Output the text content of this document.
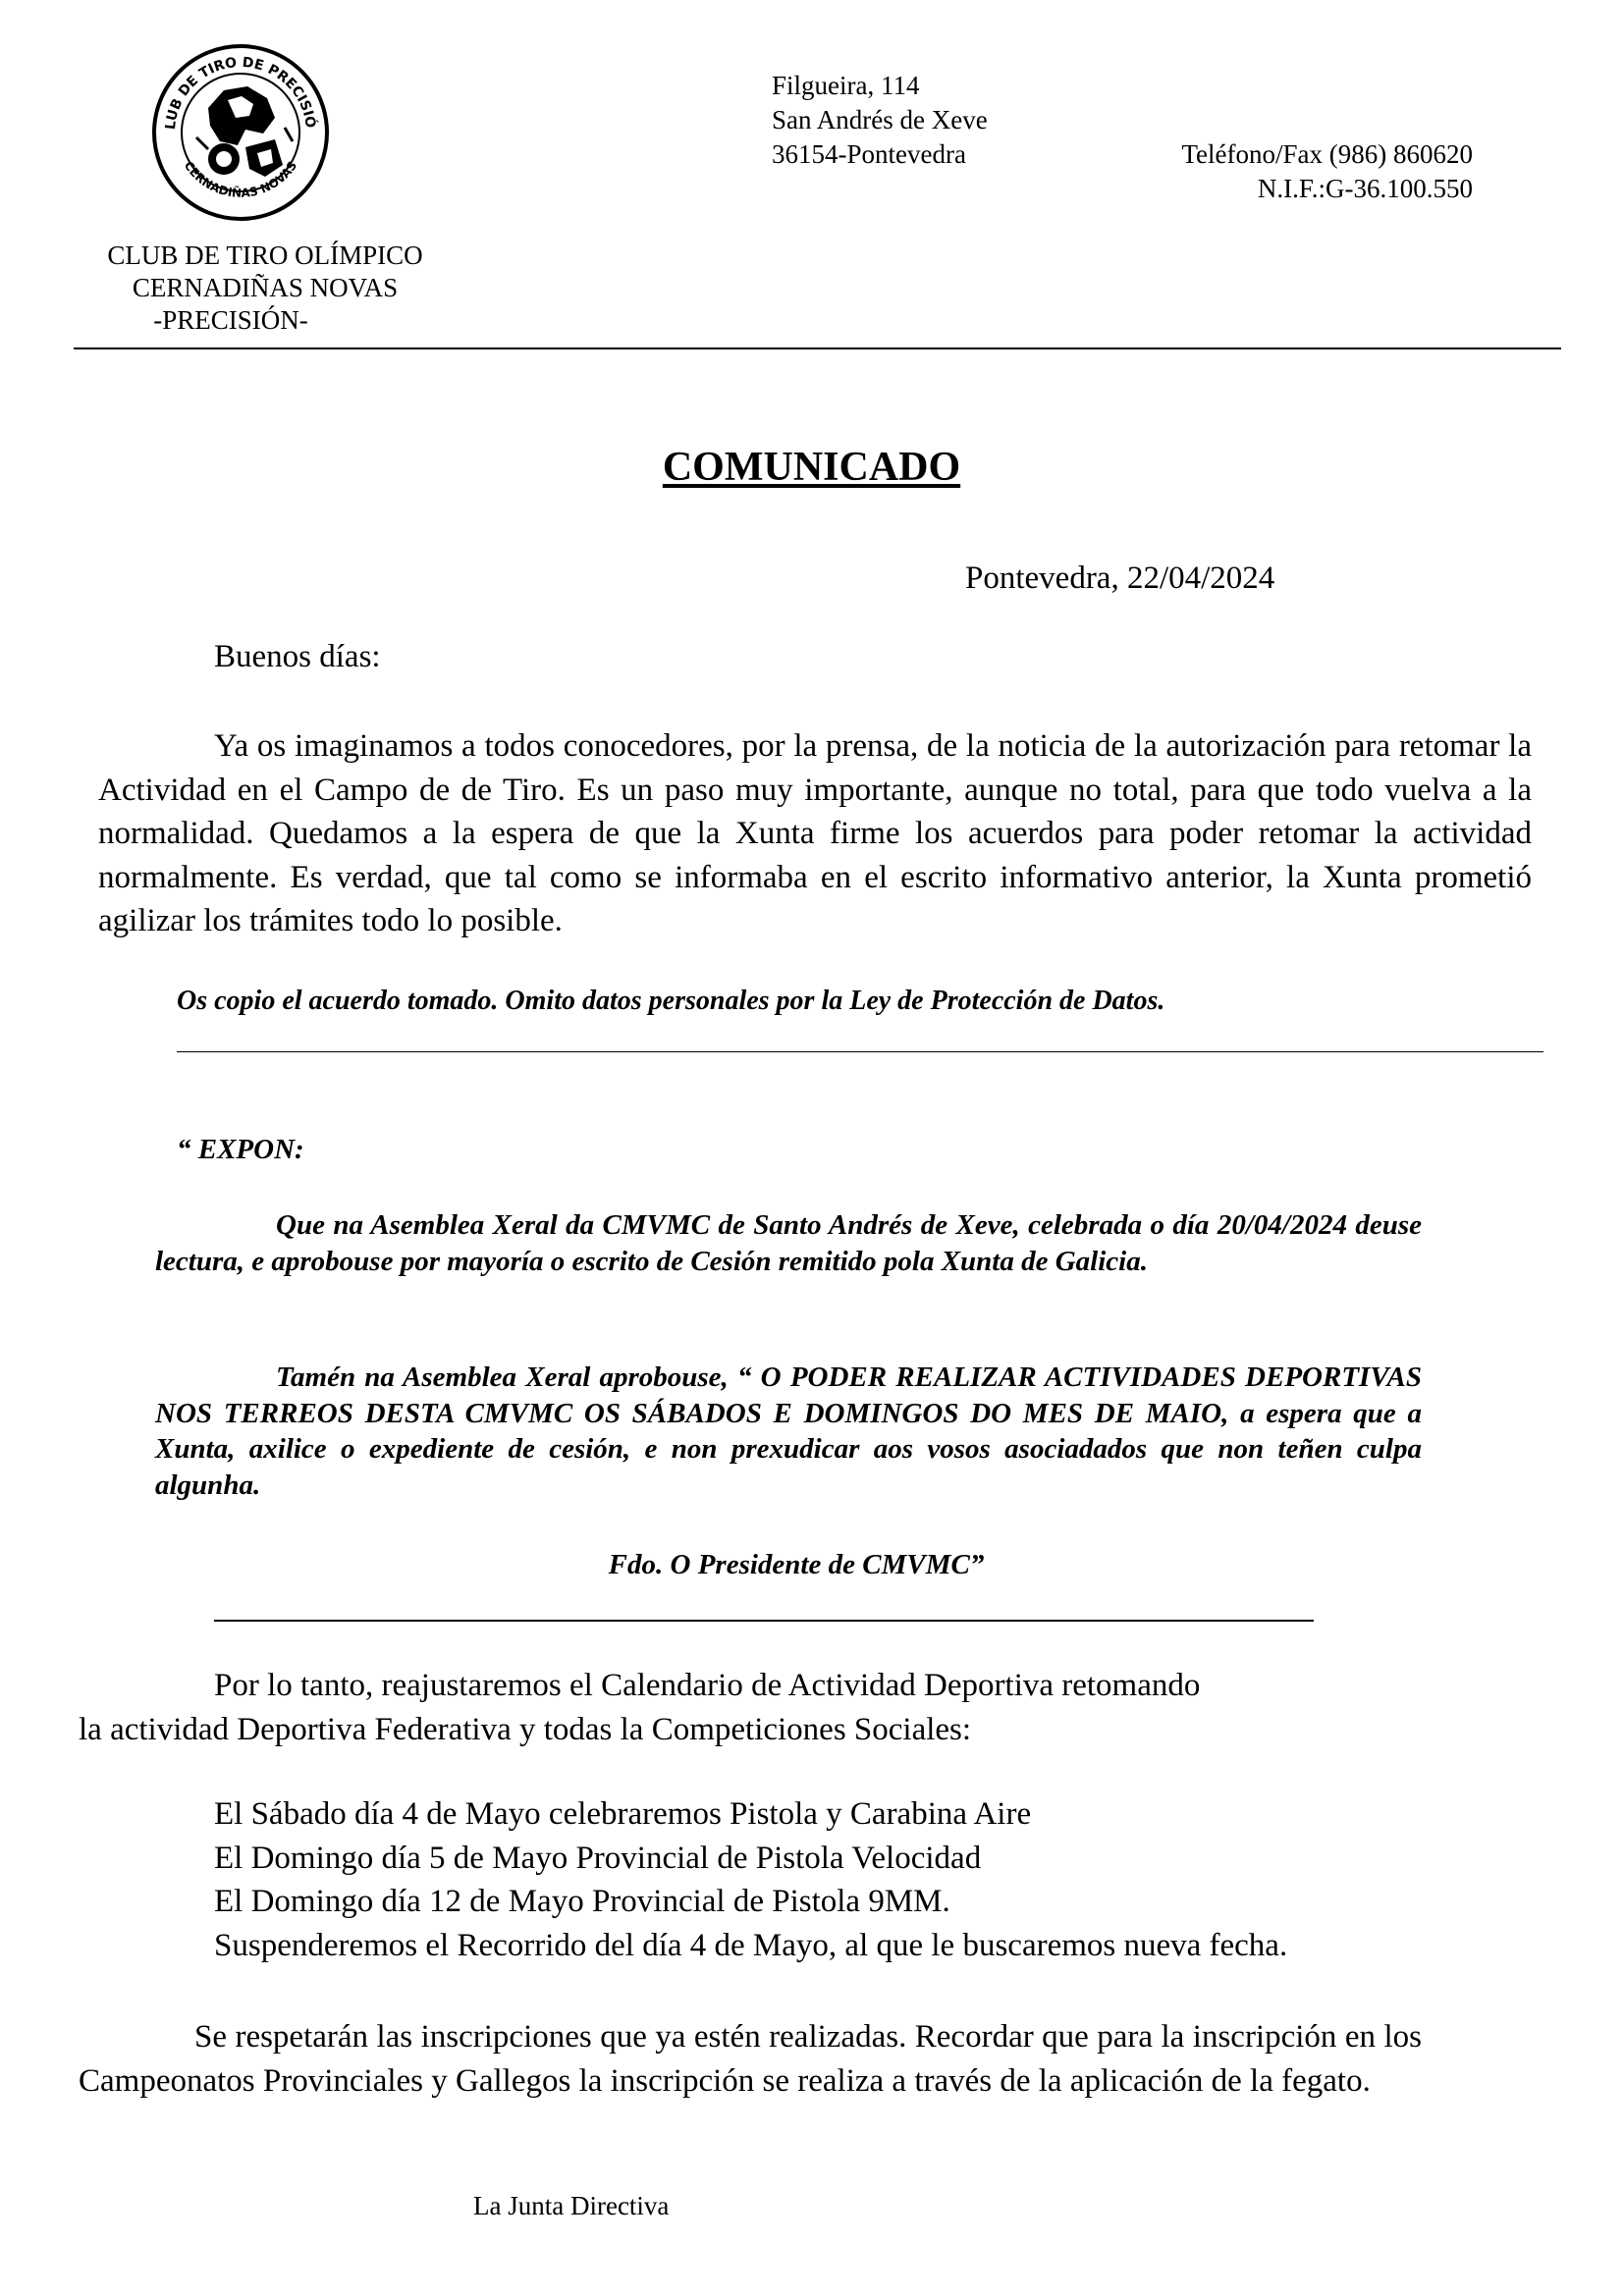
LUB DE TIRO DE PRECISIÓ
CERNADIÑAS NOVAS
Filgueira, 114
San Andrés de Xeve
36154-Pontevedra	Teléfono/Fax (986) 860620
N.I.F.:G-36.100.550
CLUB DE TIRO OLÍMPICO
CERNADIÑAS NOVAS
-PRECISIÓN-
COMUNICADO
Pontevedra, 22/04/2024
Buenos días:
Ya os imaginamos a todos conocedores, por la prensa, de la noticia de la autorización para retomar la Actividad en el Campo de de Tiro. Es un paso muy importante, aunque no total, para que todo vuelva a la normalidad. Quedamos a la espera de que la Xunta firme los acuerdos para poder retomar la actividad normalmente. Es verdad, que tal como se informaba en el escrito informativo anterior, la Xunta prometió agilizar los trámites todo lo posible.
Os copio el acuerdo tomado. Omito datos personales por la Ley de Protección de Datos.
“ EXPON:
Que na Asemblea Xeral da CMVMC de Santo Andrés de Xeve, celebrada o día 20/04/2024 deuse lectura, e aprobouse por mayoría o escrito de Cesión remitido pola Xunta de Galicia.
Tamén na Asemblea Xeral aprobouse, “ O PODER REALIZAR ACTIVIDADES DEPORTIVAS NOS TERREOS DESTA CMVMC OS SÁBADOS E DOMINGOS DO MES DE MAIO, a espera que a Xunta, axilice o expediente de cesión, e non prexudicar aos vosos asociadados que non teñen culpa algunha.
Fdo. O Presidente de CMVMC”
Por lo tanto, reajustaremos el Calendario de Actividad Deportiva retomando
la actividad Deportiva Federativa y todas la Competiciones Sociales:
El Sábado día 4 de Mayo celebraremos Pistola y Carabina Aire
El Domingo día 5 de Mayo Provincial de Pistola Velocidad
El Domingo día 12 de Mayo Provincial de Pistola 9MM.
Suspenderemos el Recorrido del día 4 de Mayo, al que le buscaremos nueva fecha.
Se respetarán las inscripciones que ya estén realizadas. Recordar que para la inscripción en los Campeonatos Provinciales y Gallegos la inscripción se realiza a través de la aplicación de la fegato.
La Junta Directiva
